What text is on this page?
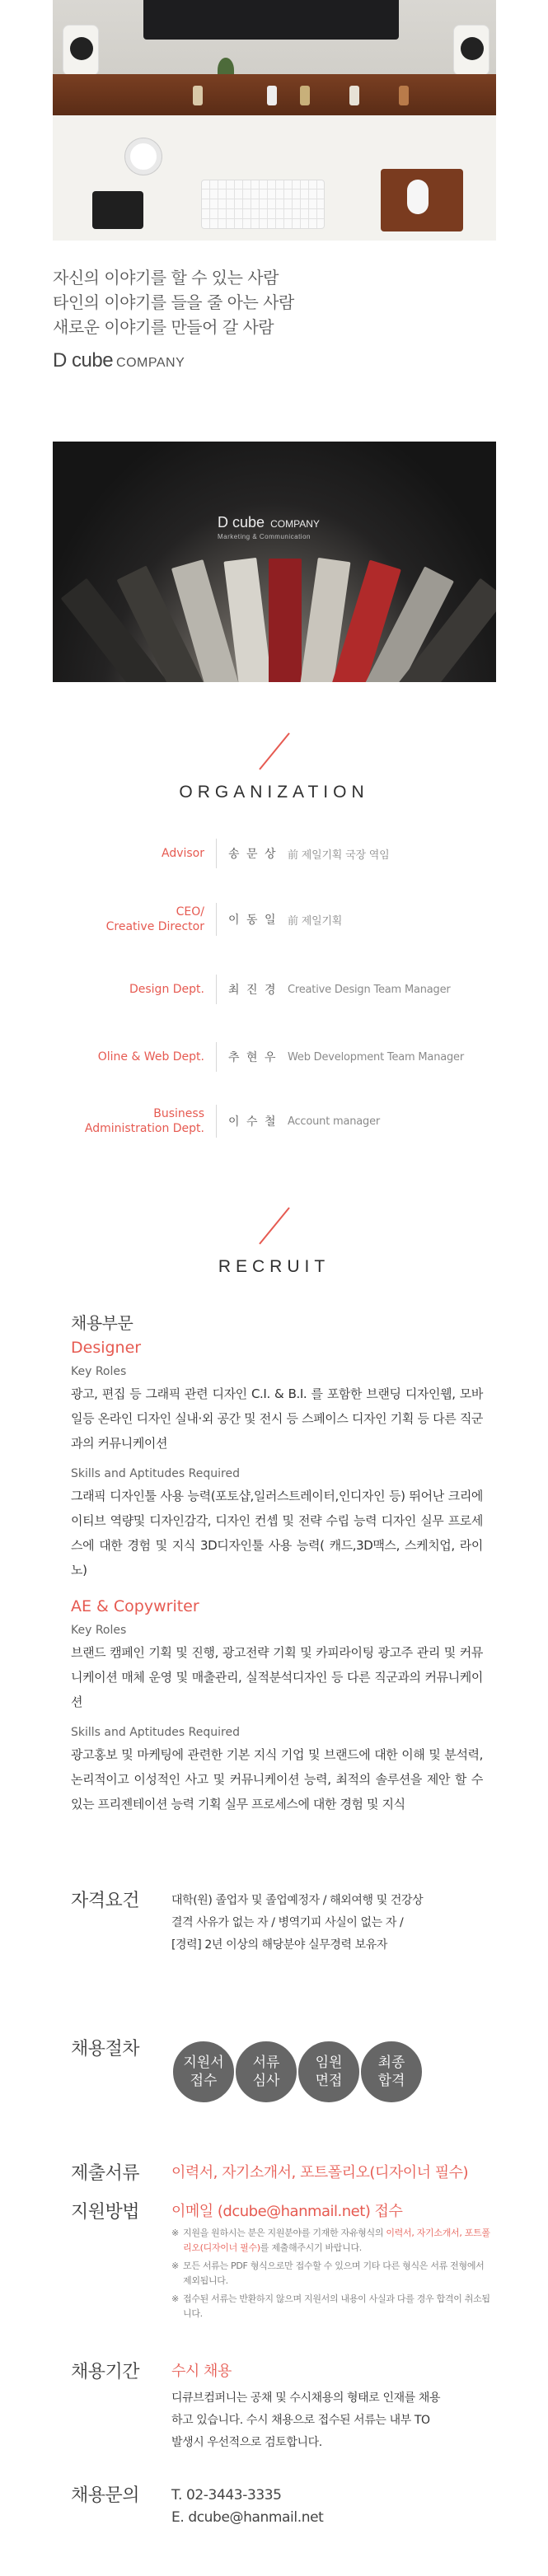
자신의 이야기를 할 수 있는 사람
타인의 이야기를 들을 줄 아는 사람
새로운 이야기를 만들어 갈 사람
D cube COMPANY
D cube COMPANY
Marketing & Communication
ORGANIZATION
Advisor 송 문 상 前 제일기획 국장 역임
CEO/
Creative Director 이 동 일 前 제일기획
Design Dept. 최 진 경 Creative Design Team Manager
Oline & Web Dept. 추 현 우 Web Development Team Manager
Business
Administration Dept. 이 수 철 Account manager
RECRUIT
채용부문
Designer
Key Roles
광고, 편집 등 그래픽 관련 디자인 C.I. & B.I. 를 포함한 브랜딩 디자인웹, 모바일등 온라인 디자인 실내·외 공간 및 전시 등 스페이스 디자인 기획 등 다른 직군과의 커뮤니케이션
Skills and Aptitudes Required
그래픽 디자인툴 사용 능력(포토샵,일러스트레이터,인디자인 등) 뛰어난 크리에이티브 역량및 디자인감각, 디자인 컨셉 및 전략 수립 능력 디자인 실무 프로세스에 대한 경험 및 지식 3D디자인툴 사용 능력( 캐드,3D맥스, 스케치업, 라이노)
AE & Copywriter
Key Roles
브랜드 캠페인 기획 및 진행, 광고전략 기획 및 카피라이팅 광고주 관리 및 커뮤니케이션 매체 운영 및 매출관리, 실적분석디자인 등 다른 직군과의 커뮤니케이션
Skills and Aptitudes Required
광고홍보 및 마케팅에 관련한 기본 지식 기업 및 브랜드에 대한 이해 및 분석력, 논리적이고 이성적인 사고 및 커뮤니케이션 능력, 최적의 솔루션을 제안 할 수 있는 프리젠테이션 능력 기획 실무 프로세스에 대한 경험 및 지식
자격요건	대학(원) 졸업자 및 졸업예정자 / 해외여행 및 건강상
결격 사유가 없는 자 / 병역기피 사실이 없는 자 /
[경력] 2년 이상의 해당분야 실무경력 보유자
채용절차
지원서
접수
서류
심사
임원
면접
최종
합격
제출서류 이력서, 자기소개서, 포트폴리오(디자이너 필수)
지원방법 이메일 (dcube@hanmail.net) 접수
※ 지원을 원하시는 분은 지원분야를 기재한 자유형식의 이력서, 자기소개서, 포트폴리오(디자이너 필수)를 제출해주시기 바랍니다.
※ 모든 서류는 PDF 형식으로만 접수할 수 있으며 기타 다른 형식은 서류 전형에서 제외됩니다.
※ 접수된 서류는 반환하지 않으며 지원서의 내용이 사실과 다를 경우 합격이 취소됩니다.
채용기간 수시 채용
디큐브컴퍼니는 공채 및 수시채용의 형태로 인재를 채용
하고 있습니다. 수시 채용으로 접수된 서류는 내부 TO
발생시 우선적으로 검토합니다.
채용문의 T. 02-3443-3335
E. dcube@hanmail.net
